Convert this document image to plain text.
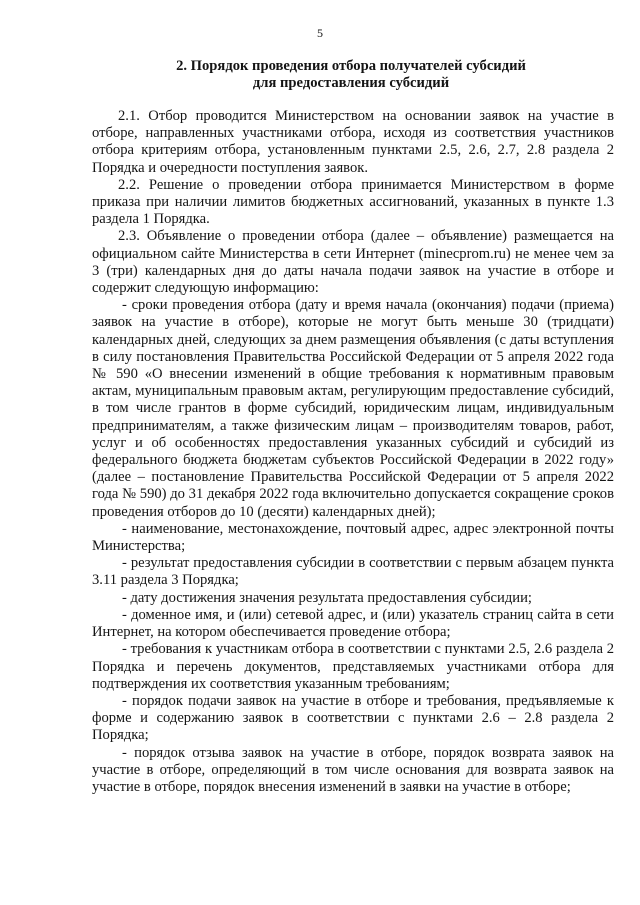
5
2. Порядок проведения отбора получателей субсидий
для предоставления субсидий

2.1. Отбор проводится Министерством на основании заявок на участие в отборе, направленных участниками отбора, исходя из соответствия участников отбора критериям отбора, установленным пунктами 2.5, 2.6, 2.7, 2.8 раздела 2 Порядка и очередности поступления заявок.

2.2. Решение о проведении отбора принимается Министерством в форме приказа при наличии лимитов бюджетных ассигнований, указанных в пункте 1.3 раздела 1 Порядка.

2.3. Объявление о проведении отбора (далее – объявление) размещается на официальном сайте Министерства в сети Интернет (minecprom.ru) не менее чем за 3 (три) календарных дня до даты начала подачи заявок на участие в отборе и содержит следующую информацию:

- сроки проведения отбора (дату и время начала (окончания) подачи (приема) заявок на участие в отборе), которые не могут быть меньше 30 (тридцати) календарных дней, следующих за днем размещения объявления (с даты вступления в силу постановления Правительства Российской Федерации от 5 апреля 2022 года № 590 «О внесении изменений в общие требования к нормативным правовым актам, муниципальным правовым актам, регулирующим предоставление субсидий, в том числе грантов в форме субсидий, юридическим лицам, индивидуальным предпринимателям, а также физическим лицам – производителям товаров, работ, услуг и об особенностях предоставления указанных субсидий и субсидий из федерального бюджета бюджетам субъектов Российской Федерации в 2022 году» (далее – постановление Правительства Российской Федерации от 5 апреля 2022 года № 590) до 31 декабря 2022 года включительно допускается сокращение сроков проведения отборов до 10 (десяти) календарных дней);

- наименование, местонахождение, почтовый адрес, адрес электронной почты Министерства;

- результат предоставления субсидии в соответствии с первым абзацем пункта 3.11 раздела 3 Порядка;

- дату достижения значения результата предоставления субсидии;

- доменное имя, и (или) сетевой адрес, и (или) указатель страниц сайта в сети Интернет, на котором обеспечивается проведение отбора;

- требования к участникам отбора в соответствии с пунктами 2.5, 2.6 раздела 2 Порядка и перечень документов, представляемых участниками отбора для подтверждения их соответствия указанным требованиям;

- порядок подачи заявок на участие в отборе и требования, предъявляемые к форме и содержанию заявок в соответствии с пунктами 2.6 – 2.8 раздела 2 Порядка;

- порядок отзыва заявок на участие в отборе, порядок возврата заявок на участие в отборе, определяющий в том числе основания для возврата заявок на участие в отборе, порядок внесения изменений в заявки на участие в отборе;
